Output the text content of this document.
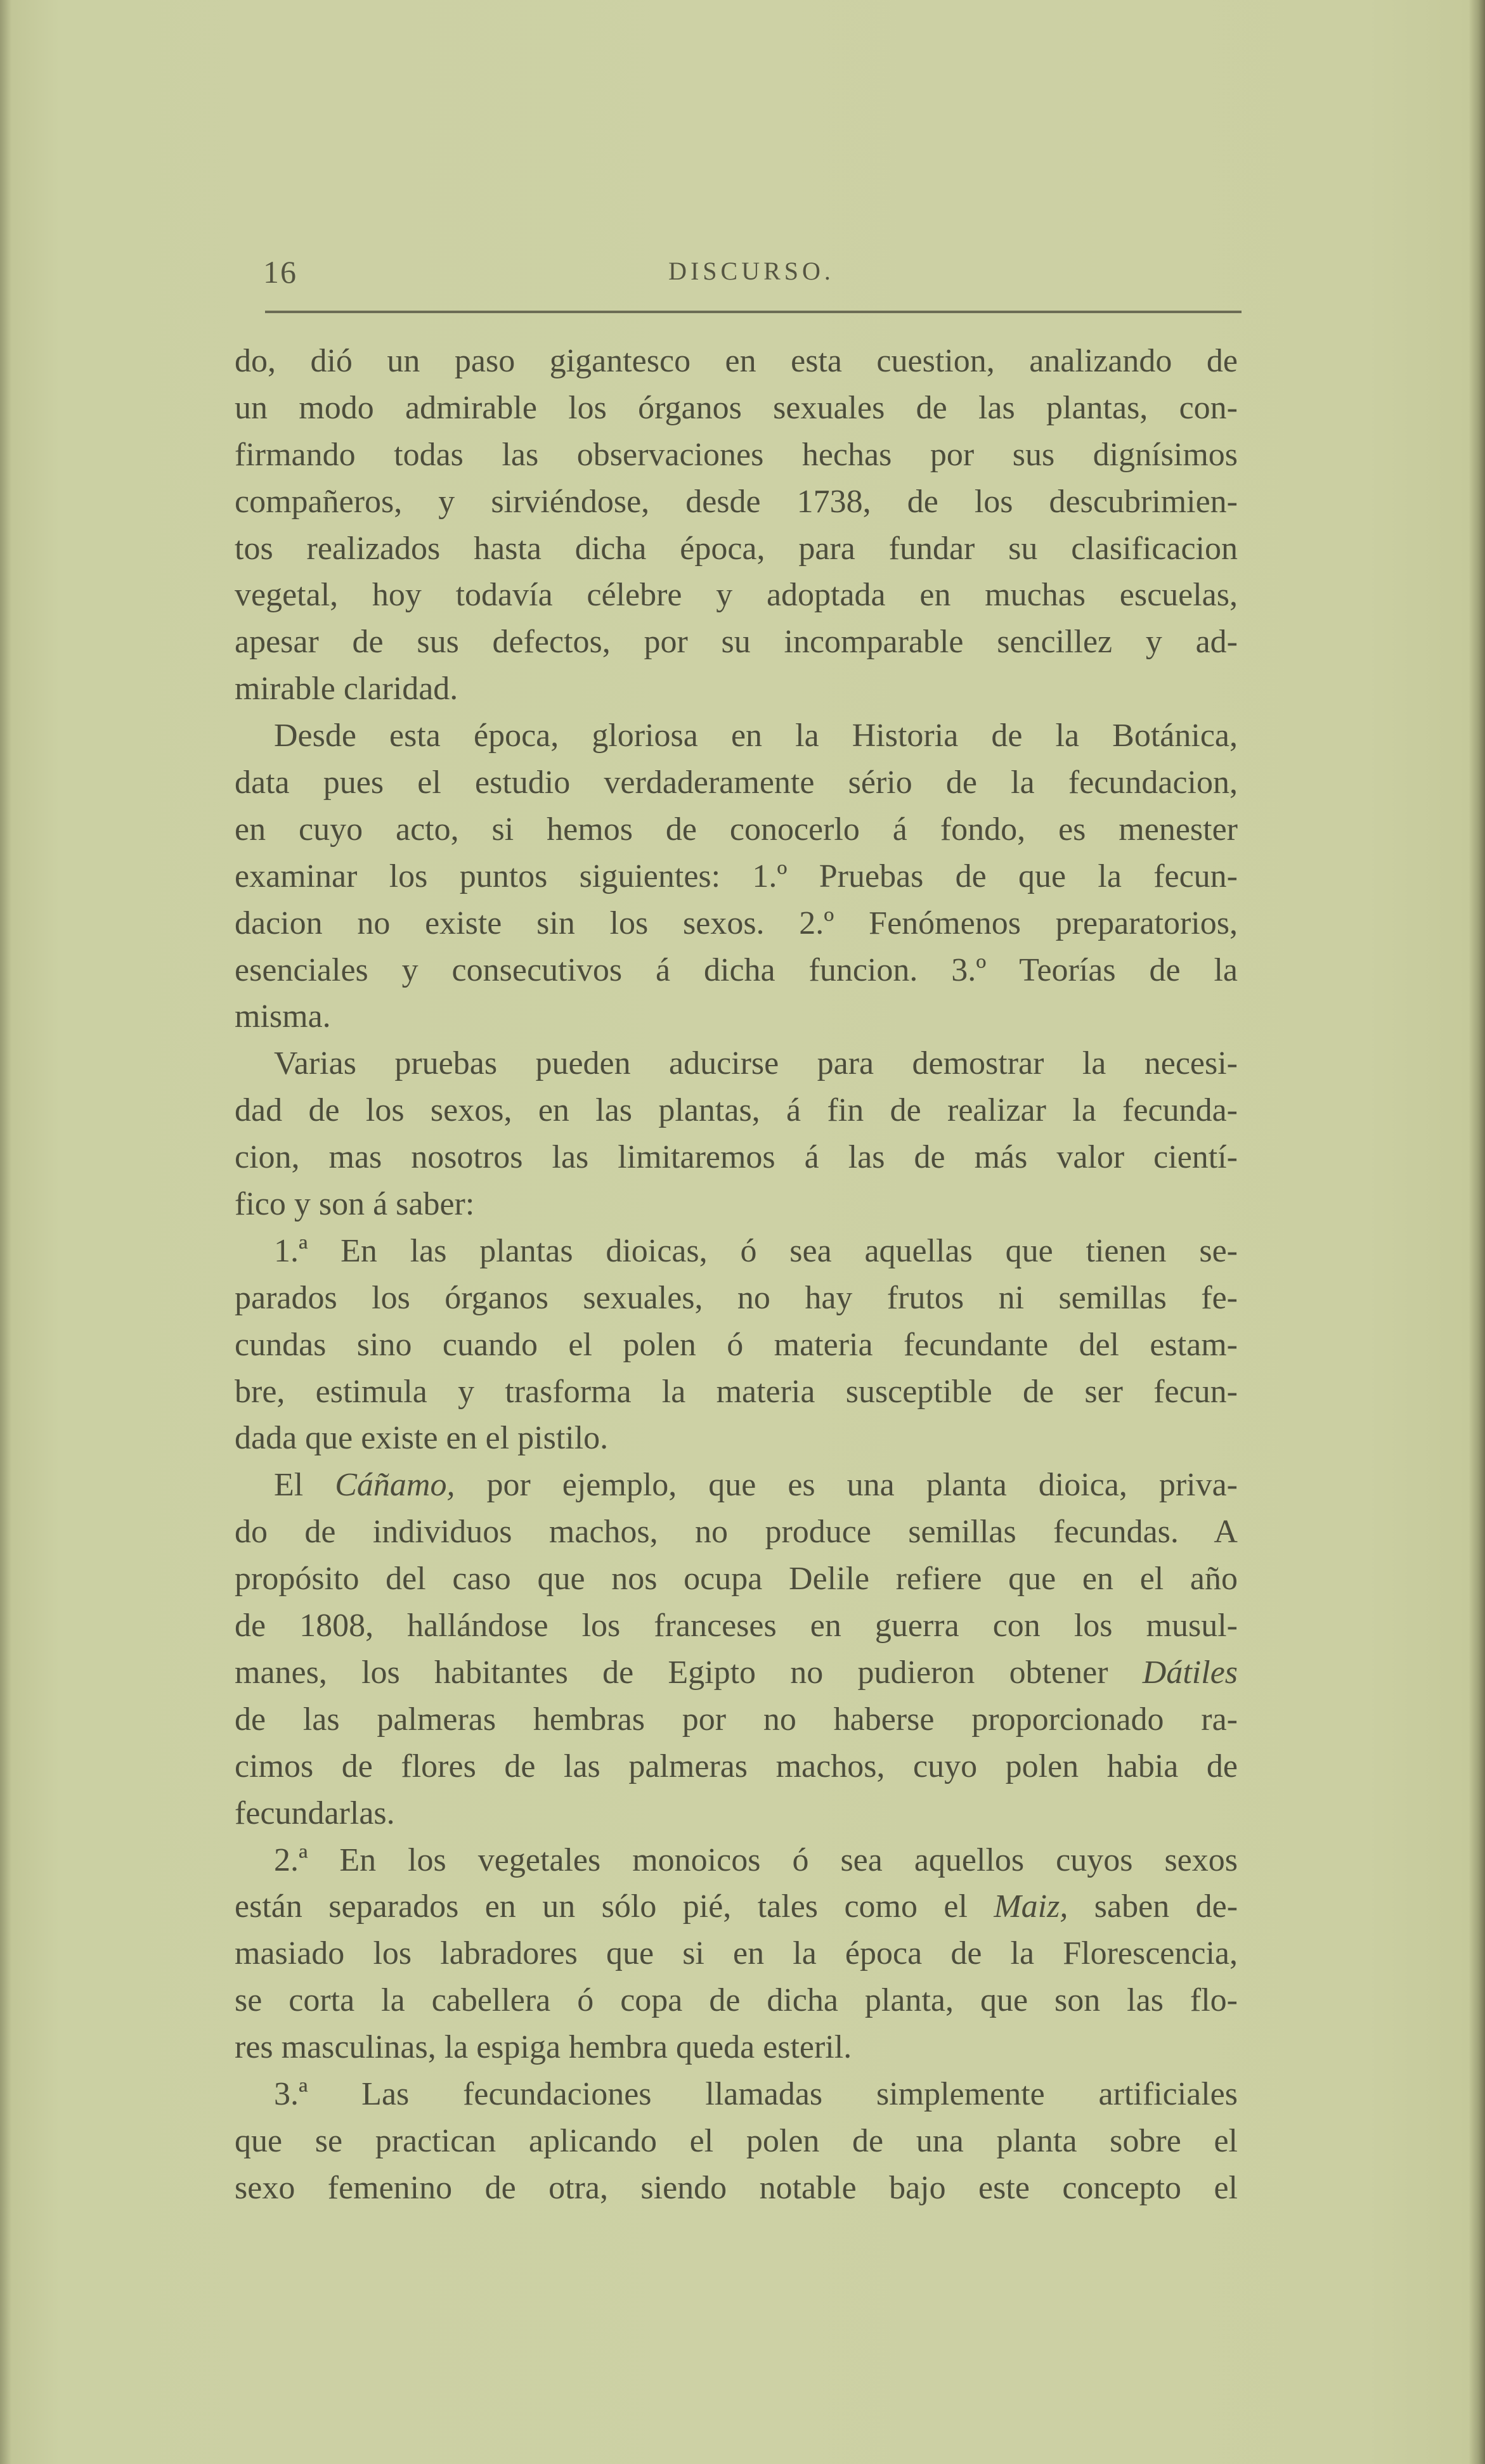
16	DISCURSO.
do, dió un paso gigantesco en esta cuestion, analizando de
un modo admirable los órganos sexuales de las plantas, con-
firmando todas las observaciones hechas por sus dignísimos
compañeros, y sirviéndose, desde 1738, de los descubrimien-
tos realizados hasta dicha época, para fundar su clasificacion
vegetal, hoy todavía célebre y adoptada en muchas escuelas,
apesar de sus defectos, por su incomparable sencillez y ad-
mirable claridad.
Desde esta época, gloriosa en la Historia de la Botánica,
data pues el estudio verdaderamente sério de la fecundacion,
en cuyo acto, si hemos de conocerlo á fondo, es menester
examinar los puntos siguientes: 1.º Pruebas de que la fecun-
dacion no existe sin los sexos. 2.º Fenómenos preparatorios,
esenciales y consecutivos á dicha funcion. 3.º Teorías de la
misma.
Varias pruebas pueden aducirse para demostrar la necesi-
dad de los sexos, en las plantas, á fin de realizar la fecunda-
cion, mas nosotros las limitaremos á las de más valor cientí-
fico y son á saber:
1.ª En las plantas dioicas, ó sea aquellas que tienen se-
parados los órganos sexuales, no hay frutos ni semillas fe-
cundas sino cuando el polen ó materia fecundante del estam-
bre, estimula y trasforma la materia susceptible de ser fecun-
dada que existe en el pistilo.
El Cáñamo, por ejemplo, que es una planta dioica, priva-
do de individuos machos, no produce semillas fecundas. A
propósito del caso que nos ocupa Delile refiere que en el año
de 1808, hallándose los franceses en guerra con los musul-
manes, los habitantes de Egipto no pudieron obtener Dátiles
de las palmeras hembras por no haberse proporcionado ra-
cimos de flores de las palmeras machos, cuyo polen habia de
fecundarlas.
2.ª En los vegetales monoicos ó sea aquellos cuyos sexos
están separados en un sólo pié, tales como el Maiz, saben de-
masiado los labradores que si en la época de la Florescencia,
se corta la cabellera ó copa de dicha planta, que son las flo-
res masculinas, la espiga hembra queda esteril.
3.ª Las fecundaciones llamadas simplemente artificiales
que se practican aplicando el polen de una planta sobre el
sexo femenino de otra, siendo notable bajo este concepto el
